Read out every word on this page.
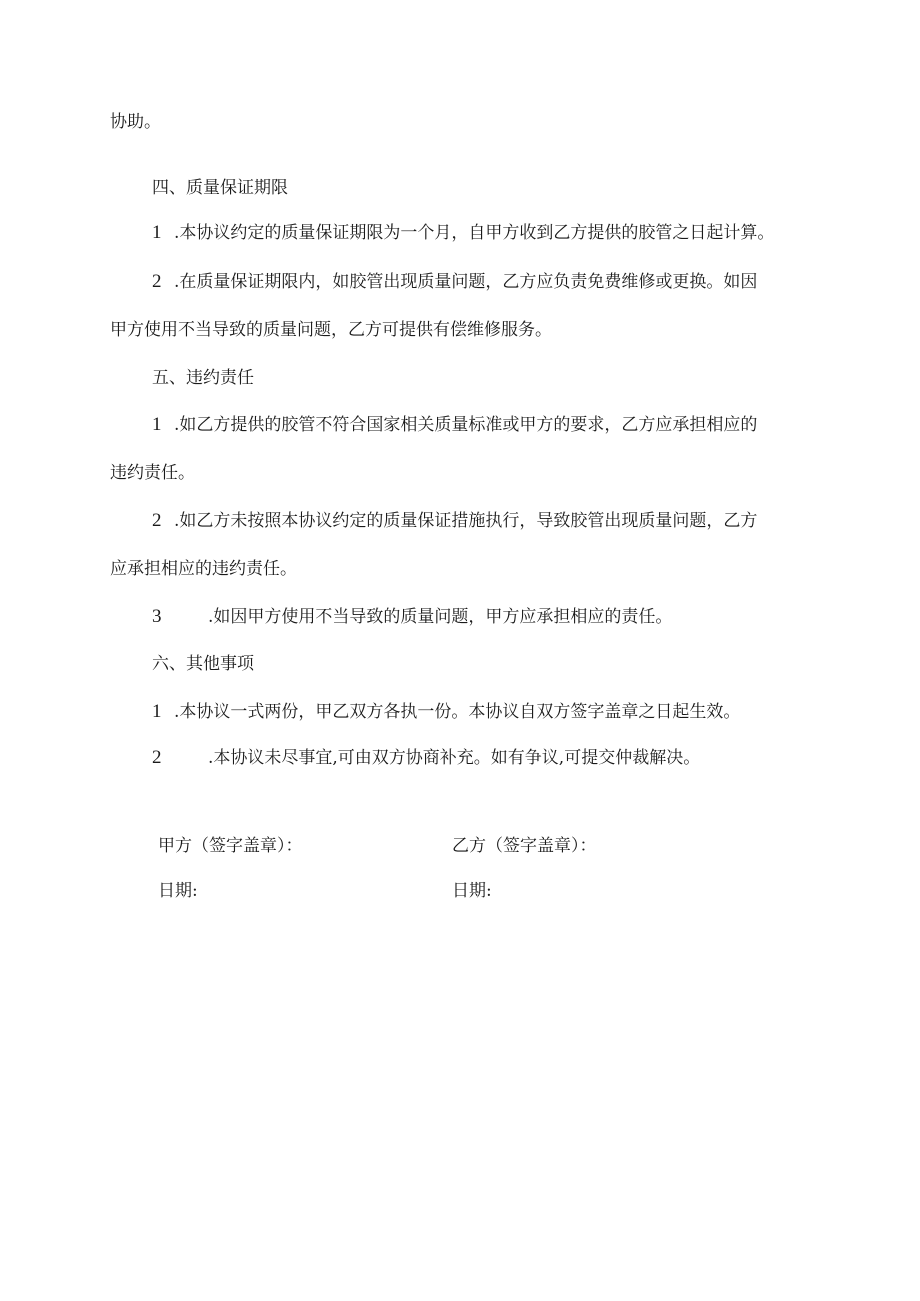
协助。
四、质量保证期限
1 .本协议约定的质量保证期限为一个月，自甲方收到乙方提供的胶管之日起计算。
2 .在质量保证期限内，如胶管出现质量问题，乙方应负责免费维修或更换。如因
甲方使用不当导致的质量问题，乙方可提供有偿维修服务。
五、违约责任
1 .如乙方提供的胶管不符合国家相关质量标准或甲方的要求，乙方应承担相应的
违约责任。
2 .如乙方未按照本协议约定的质量保证措施执行，导致胶管出现质量问题，乙方
应承担相应的违约责任。
3	.如因甲方使用不当导致的质量问题，甲方应承担相应的责任。
六、其他事项
1 .本协议一式两份，甲乙双方各执一份。本协议自双方签字盖章之日起生效。
2	.本协议未尽事宜,可由双方协商补充。如有争议,可提交仲裁解决。
甲方（签字盖章）：	乙方（签字盖章）：
日期:	日期:
